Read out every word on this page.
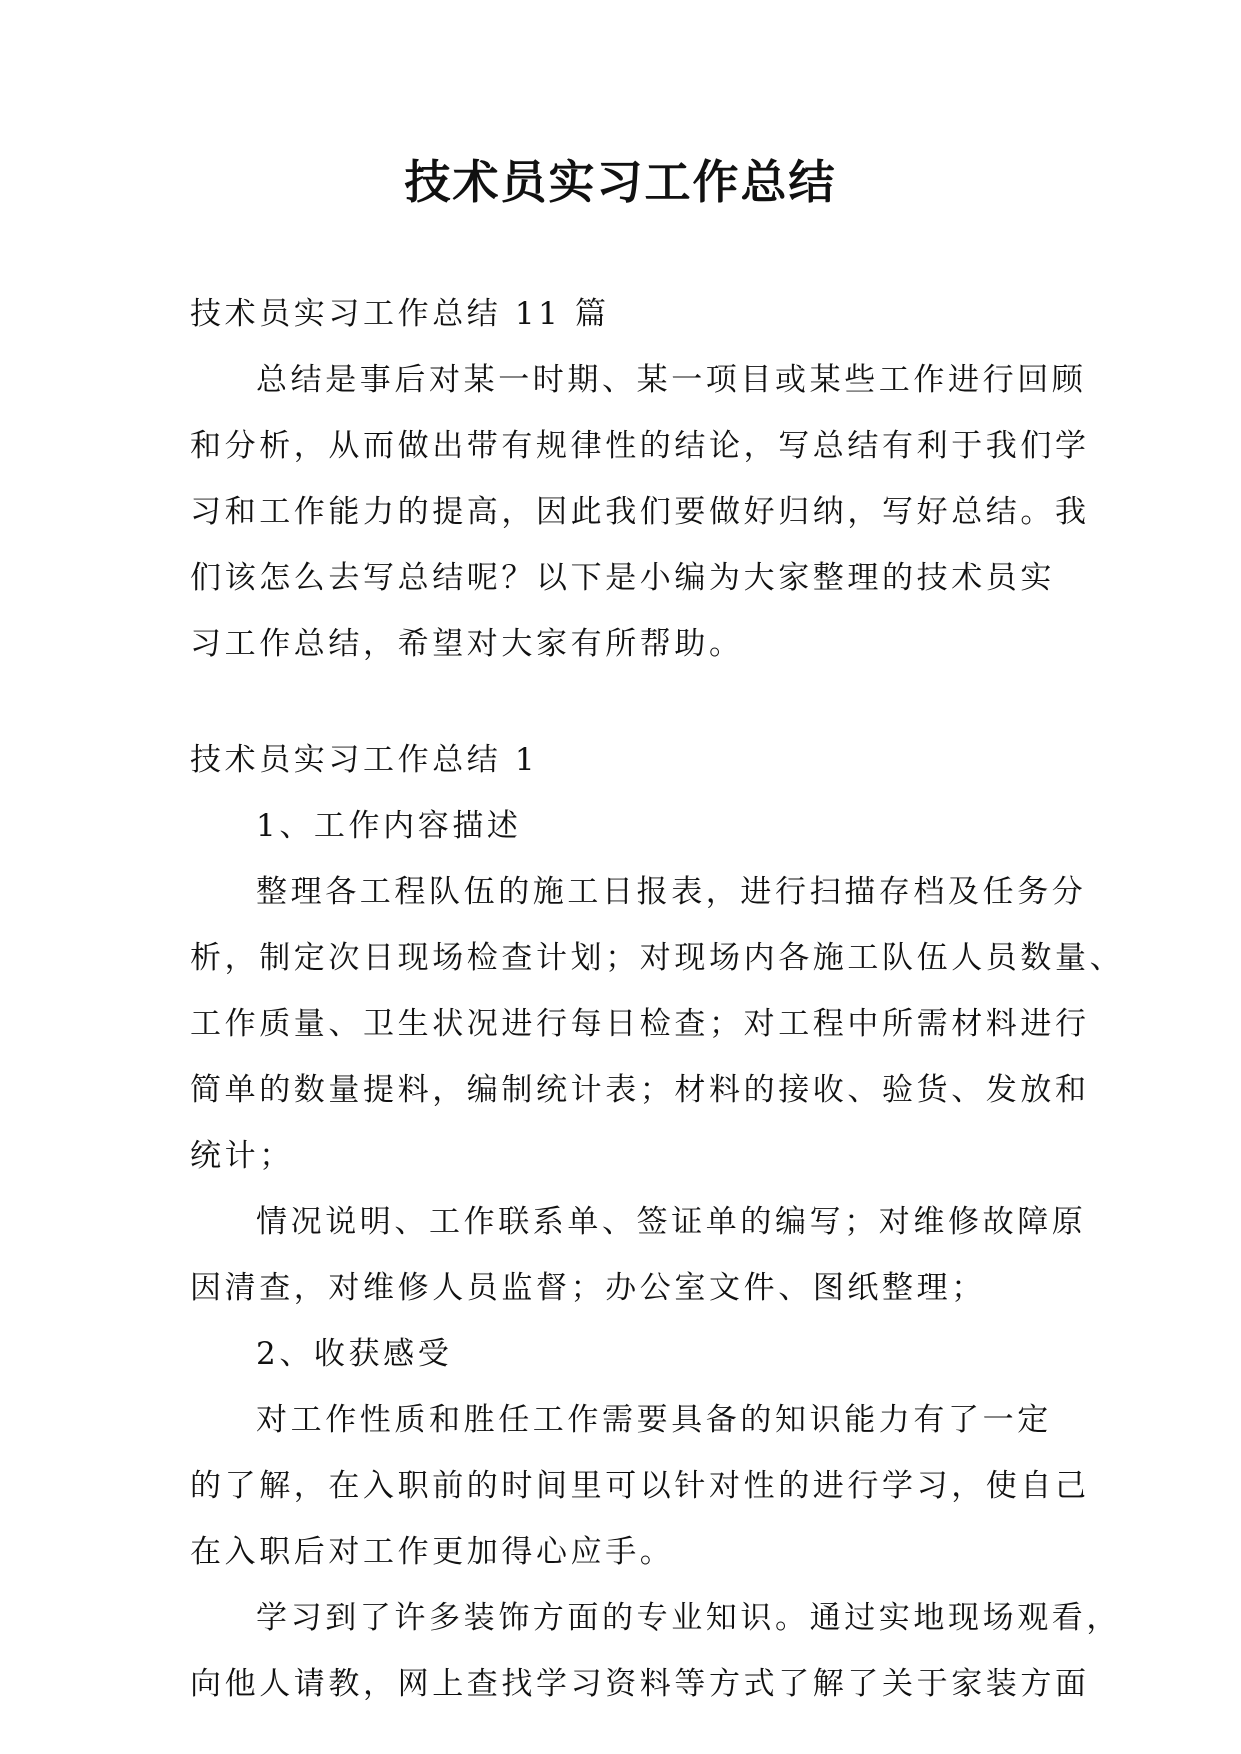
技术员实习工作总结

技术员实习工作总结 11 篇

总结是事后对某一时期、某一项目或某些工作进行回顾

和分析，从而做出带有规律性的结论，写总结有利于我们学

习和工作能力的提高，因此我们要做好归纳，写好总结。我

们该怎么去写总结呢？以下是小编为大家整理的技术员实

习工作总结，希望对大家有所帮助。

技术员实习工作总结 1

1、工作内容描述

整理各工程队伍的施工日报表，进行扫描存档及任务分

析，制定次日现场检查计划；对现场内各施工队伍人员数量、

工作质量、卫生状况进行每日检查；对工程中所需材料进行

简单的数量提料，编制统计表；材料的接收、验货、发放和

统计；

情况说明、工作联系单、签证单的编写；对维修故障原

因清查，对维修人员监督；办公室文件、图纸整理；

2、收获感受

对工作性质和胜任工作需要具备的知识能力有了一定

的了解，在入职前的时间里可以针对性的进行学习，使自己

在入职后对工作更加得心应手。

学习到了许多装饰方面的专业知识。通过实地现场观看，

向他人请教，网上查找学习资料等方式了解了关于家装方面
